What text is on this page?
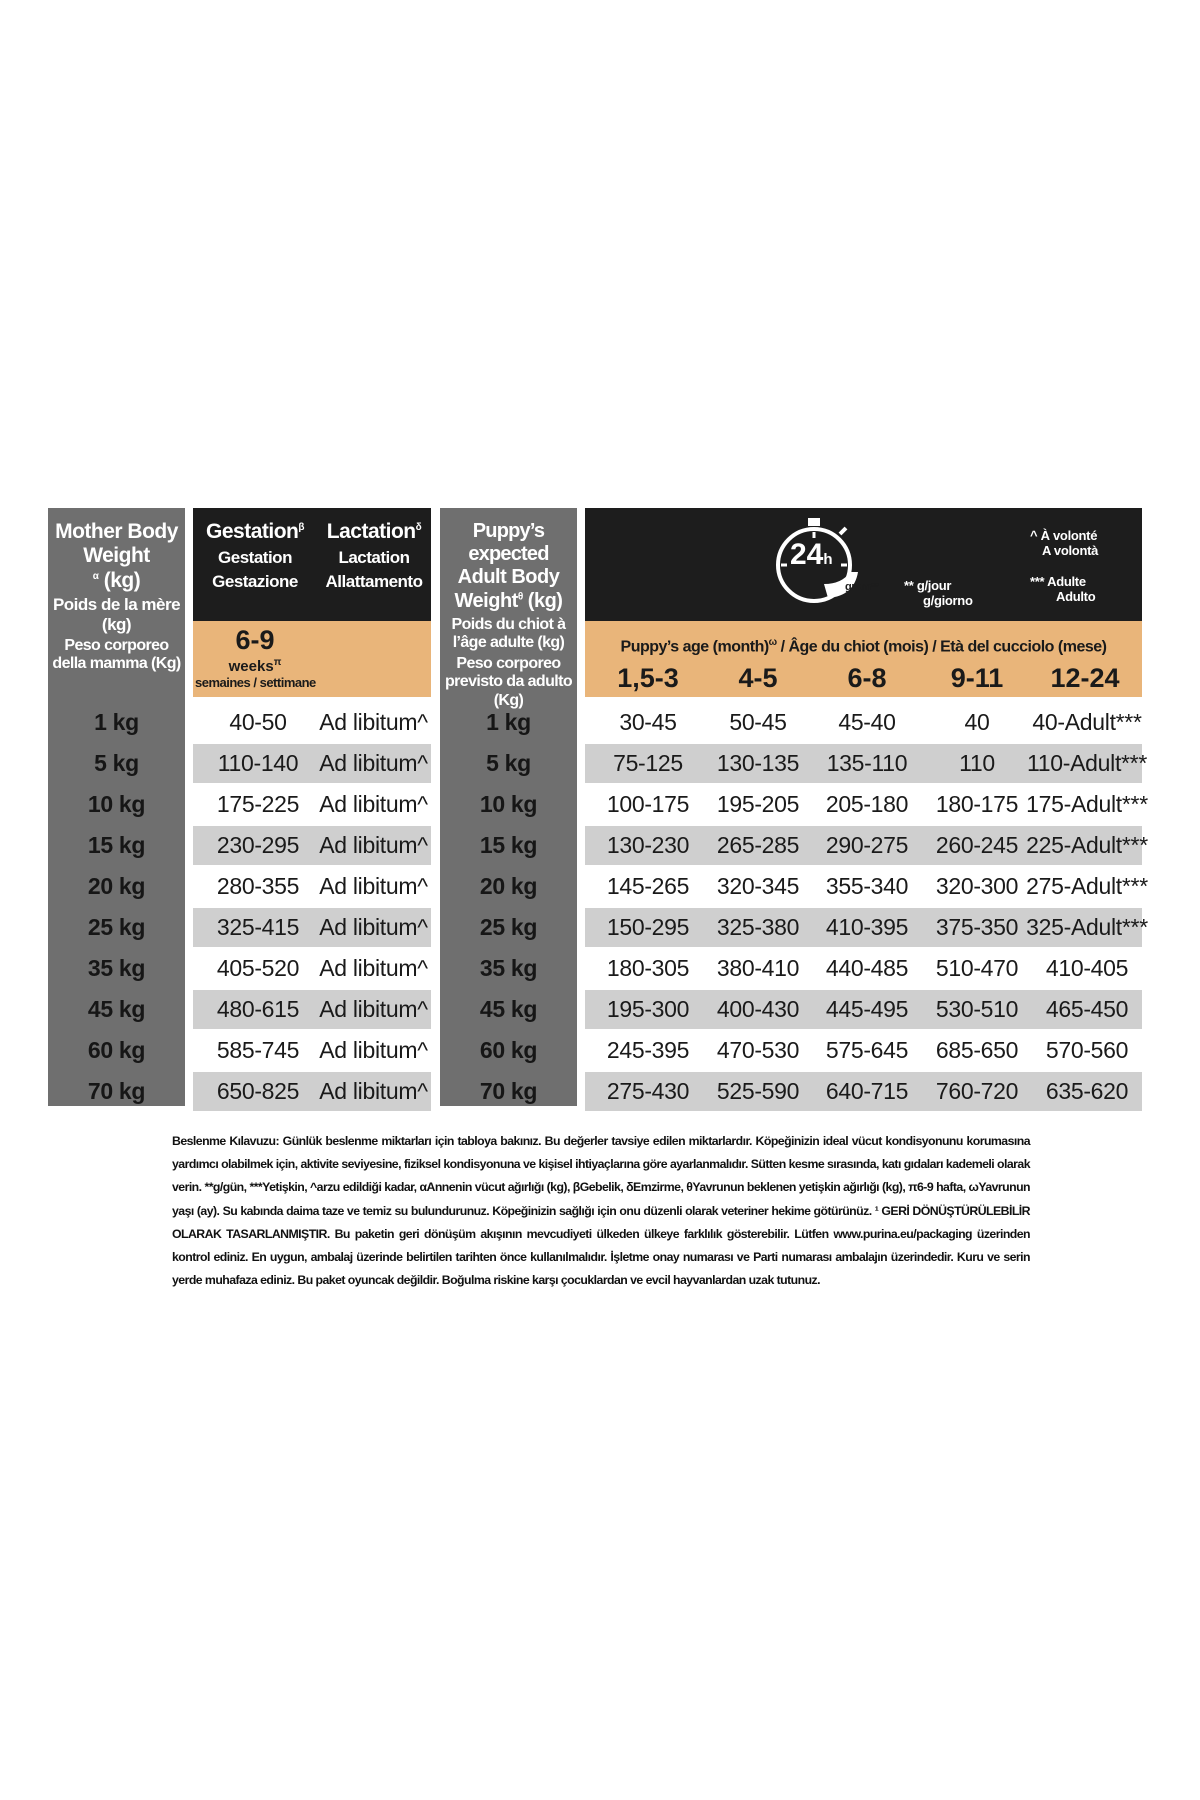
Mother Body Weight
$^\alpha$ (kg)
Poids de la mère (kg)
Peso corporeo della mamma (Kg)
Gestation$^\beta$
Gestation
Gestazione
Lactation$^\delta$
Lactation
Allattamento
6-9
weeks$^\pi$
semaines / settimane
Puppy’s expected
Adult Body
Weight$^\theta$ (kg)
Poids du chiot à l’âge adulte (kg)
Peso corporeo previsto da adulto (Kg)
24h
gram** ** g/jour
g/giorno
^ À volonté
A volontà
*** Adulte
Adulto
Puppy’s age (month)$^\omega$ / Âge du chiot (mois) / Età del cucciolo (mese)
1,5-3	4-5	6-8	9-11	12-24
1 kg	40-50	Ad libitum^	1 kg	30-45	50-45	45-40	40	40-Adult***
5 kg	110-140 Ad libitum^	5 kg	75-125	130-135	135-110	110	110-Adult***
10 kg	175-225 Ad libitum^	10 kg	100-175	195-205	205-180	180-175 175-Adult***
15 kg	230-295 Ad libitum^	15 kg	130-230	265-285	290-275	260-245 225-Adult***
20 kg	280-355 Ad libitum^	20 kg	145-265	320-345	355-340	320-300 275-Adult***
25 kg	325-415 Ad libitum^	25 kg	150-295	325-380	410-395	375-350 325-Adult***
35 kg	405-520 Ad libitum^	35 kg	180-305	380-410	440-485	510-470	410-405
45 kg	480-615 Ad libitum^	45 kg	195-300	400-430	445-495	530-510	465-450
60 kg	585-745 Ad libitum^	60 kg	245-395	470-530	575-645	685-650	570-560
70 kg	650-825 Ad libitum^	70 kg	275-430	525-590	640-715	760-720	635-620
Beslenme Kılavuzu: Günlük beslenme miktarları için tabloya bakınız. Bu değerler tavsiye edilen miktarlardır. Köpeğinizin ideal vücut kondisyonunu korumasına yardımcı olabilmek için, aktivite seviyesine, fiziksel kondisyonuna ve kişisel ihtiyaçlarına göre ayarlanmalıdır. Sütten kesme sırasında, katı gıdaları kademeli olarak verin. **g/gün, ***Yetişkin, ^arzu edildiği kadar, αAnnenin vücut ağırlığı (kg), βGebelik, δEmzirme, θYavrunun beklenen yetişkin ağırlığı (kg), π6-9 hafta, ωYavrunun yaşı (ay). Su kabında daima taze ve temiz su bulundurunuz. Köpeğinizin sağlığı için onu düzenli olarak veteriner hekime götürünüz. ¹ GERİ DÖNÜŞTÜRÜLEBİLİR OLARAK TASARLANMIŞTIR. Bu paketin geri dönüşüm akışının mevcudiyeti ülkeden ülkeye farklılık gösterebilir. Lütfen www.purina.eu/packaging üzerinden kontrol ediniz. En uygun, ambalaj üzerinde belirtilen tarihten önce kullanılmalıdır. İşletme onay numarası ve Parti numarası ambalajın üzerindedir. Kuru ve serin yerde muhafaza ediniz. Bu paket oyuncak değildir. Boğulma riskine karşı çocuklardan ve evcil hayvanlardan uzak tutunuz.
